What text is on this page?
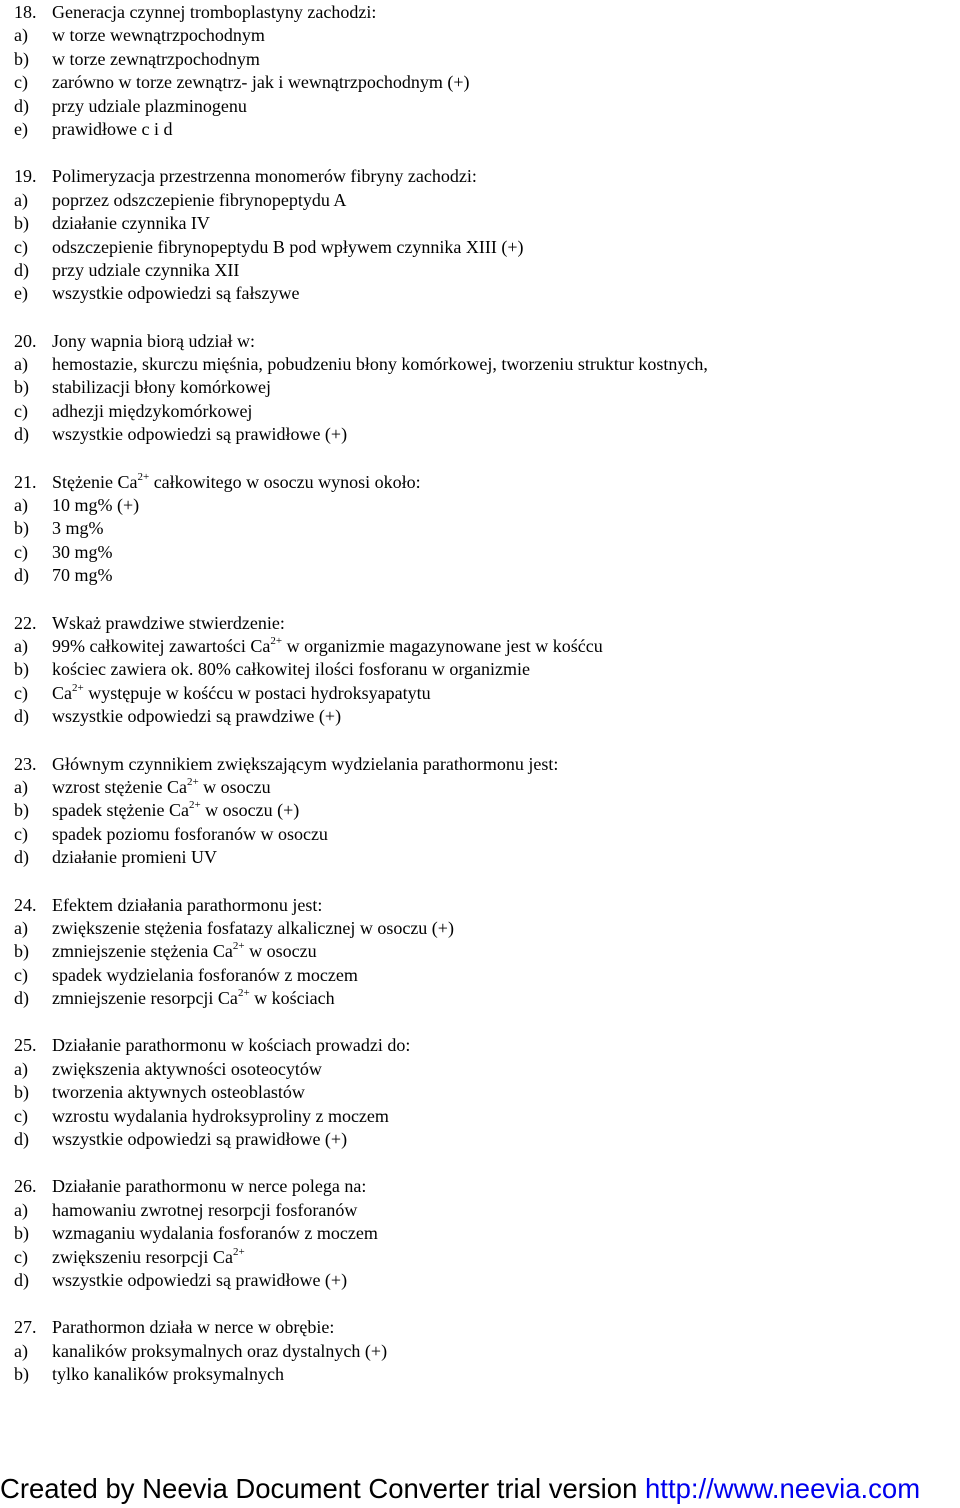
18. Generacja czynnej tromboplastyny zachodzi:
a)	w torze wewnątrzpochodnym
b)	w torze zewnątrzpochodnym
c)	zarówno w torze zewnątrz- jak i wewnątrzpochodnym (+)
d)	przy udziale plazminogenu
e)	prawidłowe c i d
19. Polimeryzacja przestrzenna monomerów fibryny zachodzi:
a)	poprzez odszczepienie fibrynopeptydu A
b)	działanie czynnika IV
c)	odszczepienie fibrynopeptydu B pod wpływem czynnika XIII (+)
d)	przy udziale czynnika XII
e)	wszystkie odpowiedzi są fałszywe
20. Jony wapnia biorą udział w:
a)	hemostazie, skurczu mięśnia, pobudzeniu błony komórkowej, tworzeniu struktur kostnych,
b)	stabilizacji błony komórkowej
c)	adhezji międzykomórkowej
d)	wszystkie odpowiedzi są prawidłowe (+)
21. Stężenie $Ca^{2+}$ całkowitego w osoczu wynosi około:
a)	10 mg% (+)
b)	3 mg%
c)	30 mg%
d)	70 mg%
22. Wskaż prawdziwe stwierdzenie:
a)	99% całkowitej zawartości $Ca^{2+}$ w organizmie magazynowane jest w kośćcu
b)	kościec zawiera ok. 80% całkowitej ilości fosforanu w organizmie
c)	$Ca^{2+}$ występuje w kośćcu w postaci hydroksyapatytu
d)	wszystkie odpowiedzi są prawdziwe (+)
23. Głównym czynnikiem zwiększającym wydzielania parathormonu jest:
a)	wzrost stężenie $Ca^{2+}$ w osoczu
b)	spadek stężenie $Ca^{2+}$ w osoczu (+)
c)	spadek poziomu fosforanów w osoczu
d)	działanie promieni UV
24. Efektem działania parathormonu jest:
a)	zwiększenie stężenia fosfatazy alkalicznej w osoczu (+)
b)	zmniejszenie stężenia $Ca^{2+}$ w osoczu
c)	spadek wydzielania fosforanów z moczem
d)	zmniejszenie resorpcji $Ca^{2+}$ w kościach
25. Działanie parathormonu w kościach prowadzi do:
a)	zwiększenia aktywności osoteocytów
b)	tworzenia aktywnych osteoblastów
c)	wzrostu wydalania hydroksyproliny z moczem
d)	wszystkie odpowiedzi są prawidłowe (+)
26. Działanie parathormonu w nerce polega na:
a)	hamowaniu zwrotnej resorpcji fosforanów
b)	wzmaganiu wydalania fosforanów z moczem
c)	zwiększeniu resorpcji $Ca^{2+}$
d)	wszystkie odpowiedzi są prawidłowe (+)
27. Parathormon działa w nerce w obrębie:
a)	kanalików proksymalnych oraz dystalnych (+)
b)	tylko kanalików proksymalnych
Created by Neevia Document Converter trial version http://www.neevia.com
